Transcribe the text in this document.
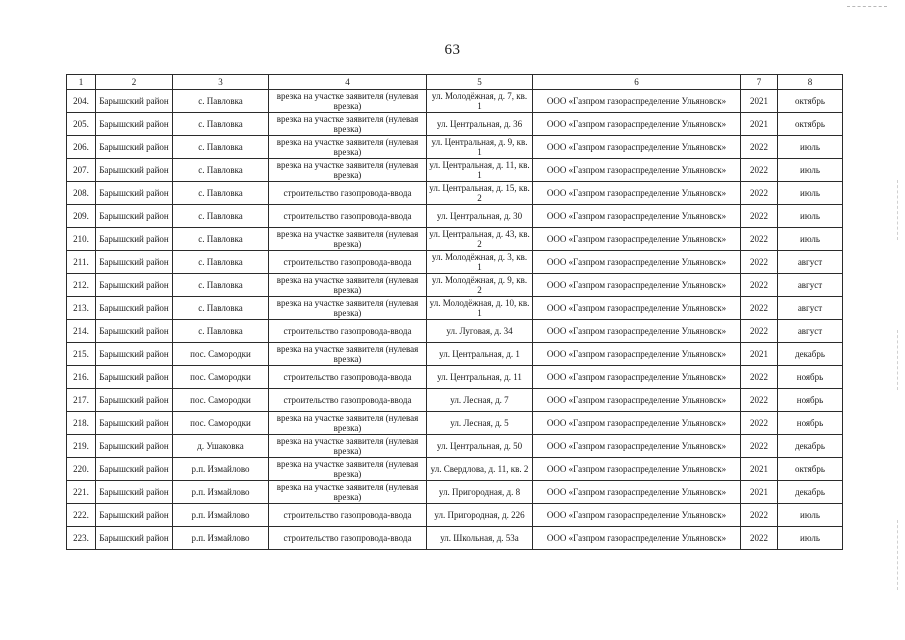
63
1	2	3	4	5	6	7	8
204.	Барышский район	с. Павловка	врезка на участке заявителя (нулевая врезка)	ул. Молодёжная, д. 7, кв. 1	ООО «Газпром газораспределение Ульяновск»	2021	октябрь
205.	Барышский район	с. Павловка	врезка на участке заявителя (нулевая врезка)	ул. Центральная, д. 36	ООО «Газпром газораспределение Ульяновск»	2021	октябрь
206.	Барышский район	с. Павловка	врезка на участке заявителя (нулевая врезка)	ул. Центральная, д. 9, кв. 1	ООО «Газпром газораспределение Ульяновск»	2022	июль
207.	Барышский район	с. Павловка	врезка на участке заявителя (нулевая врезка)	ул. Центральная, д. 11, кв. 1	ООО «Газпром газораспределение Ульяновск»	2022	июль
208.	Барышский район	с. Павловка	строительство газопровода-ввода	ул. Центральная, д. 15, кв. 2	ООО «Газпром газораспределение Ульяновск»	2022	июль
209.	Барышский район	с. Павловка	строительство газопровода-ввода	ул. Центральная, д. 30	ООО «Газпром газораспределение Ульяновск»	2022	июль
210.	Барышский район	с. Павловка	врезка на участке заявителя (нулевая врезка)	ул. Центральная, д. 43, кв. 2	ООО «Газпром газораспределение Ульяновск»	2022	июль
211.	Барышский район	с. Павловка	строительство газопровода-ввода	ул. Молодёжная, д. 3, кв. 1	ООО «Газпром газораспределение Ульяновск»	2022	август
212.	Барышский район	с. Павловка	врезка на участке заявителя (нулевая врезка)	ул. Молодёжная, д. 9, кв. 2	ООО «Газпром газораспределение Ульяновск»	2022	август
213.	Барышский район	с. Павловка	врезка на участке заявителя (нулевая врезка)	ул. Молодёжная, д. 10, кв. 1	ООО «Газпром газораспределение Ульяновск»	2022	август
214.	Барышский район	с. Павловка	строительство газопровода-ввода	ул. Луговая, д. 34	ООО «Газпром газораспределение Ульяновск»	2022	август
215.	Барышский район	пос. Самородки	врезка на участке заявителя (нулевая врезка)	ул. Центральная, д. 1	ООО «Газпром газораспределение Ульяновск»	2021	декабрь
216.	Барышский район	пос. Самородки	строительство газопровода-ввода	ул. Центральная, д. 11	ООО «Газпром газораспределение Ульяновск»	2022	ноябрь
217.	Барышский район	пос. Самородки	строительство газопровода-ввода	ул. Лесная, д. 7	ООО «Газпром газораспределение Ульяновск»	2022	ноябрь
218.	Барышский район	пос. Самородки	врезка на участке заявителя (нулевая врезка)	ул. Лесная, д. 5	ООО «Газпром газораспределение Ульяновск»	2022	ноябрь
219.	Барышский район	д. Ушаковка	врезка на участке заявителя (нулевая врезка)	ул. Центральная, д. 50	ООО «Газпром газораспределение Ульяновск»	2022	декабрь
220.	Барышский район	р.п. Измайлово	врезка на участке заявителя (нулевая врезка)	ул. Свердлова, д. 11, кв. 2	ООО «Газпром газораспределение Ульяновск»	2021	октябрь
221.	Барышский район	р.п. Измайлово	врезка на участке заявителя (нулевая врезка)	ул. Пригородная, д. 8	ООО «Газпром газораспределение Ульяновск»	2021	декабрь
222.	Барышский район	р.п. Измайлово	строительство газопровода-ввода	ул. Пригородная, д. 226	ООО «Газпром газораспределение Ульяновск»	2022	июль
223.	Барышский район	р.п. Измайлово	строительство газопровода-ввода	ул. Школьная, д. 53а	ООО «Газпром газораспределение Ульяновск»	2022	июль
